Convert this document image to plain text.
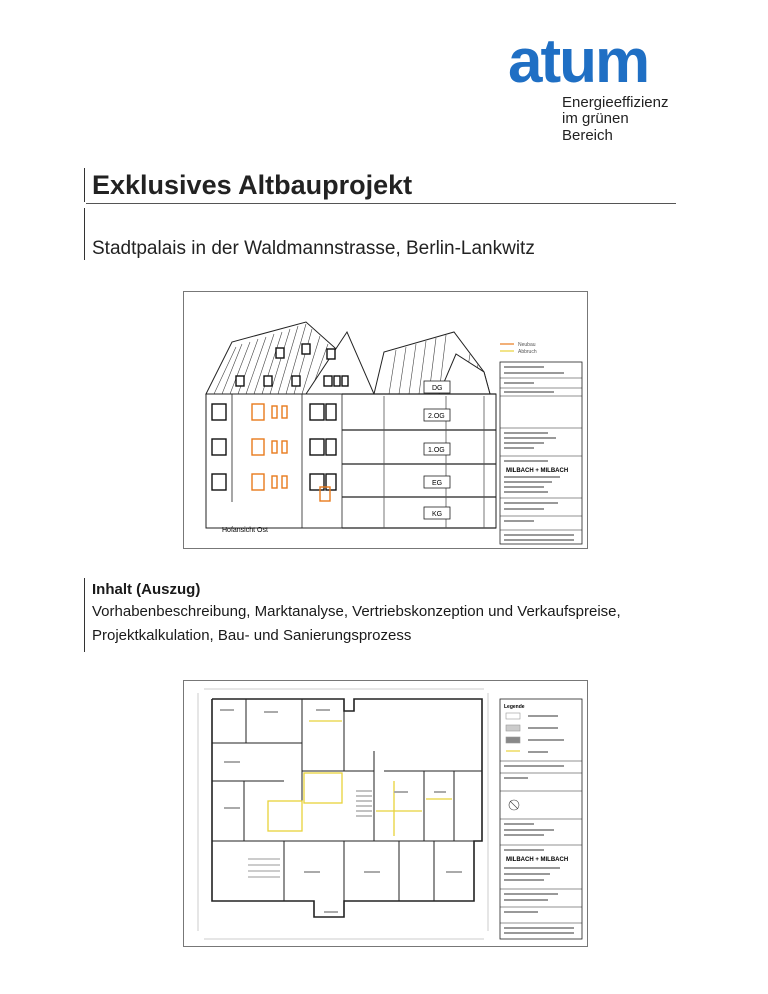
atum
Energieeffizienz
im grünen Bereich
Exklusives Altbauprojekt
Stadtpalais in der Waldmannstrasse, Berlin-Lankwitz
DG
2.OG
1.OG
EG
KG
Hofansicht Ost
MILBACH + MILBACH
Neubau
Abbruch
Inhalt (Auszug)
Vorhabenbeschreibung, Marktanalyse, Vertriebskonzeption und Verkaufspreise,
Projektkalkulation, Bau- und Sanierungsprozess
Legende
MILBACH + MILBACH
